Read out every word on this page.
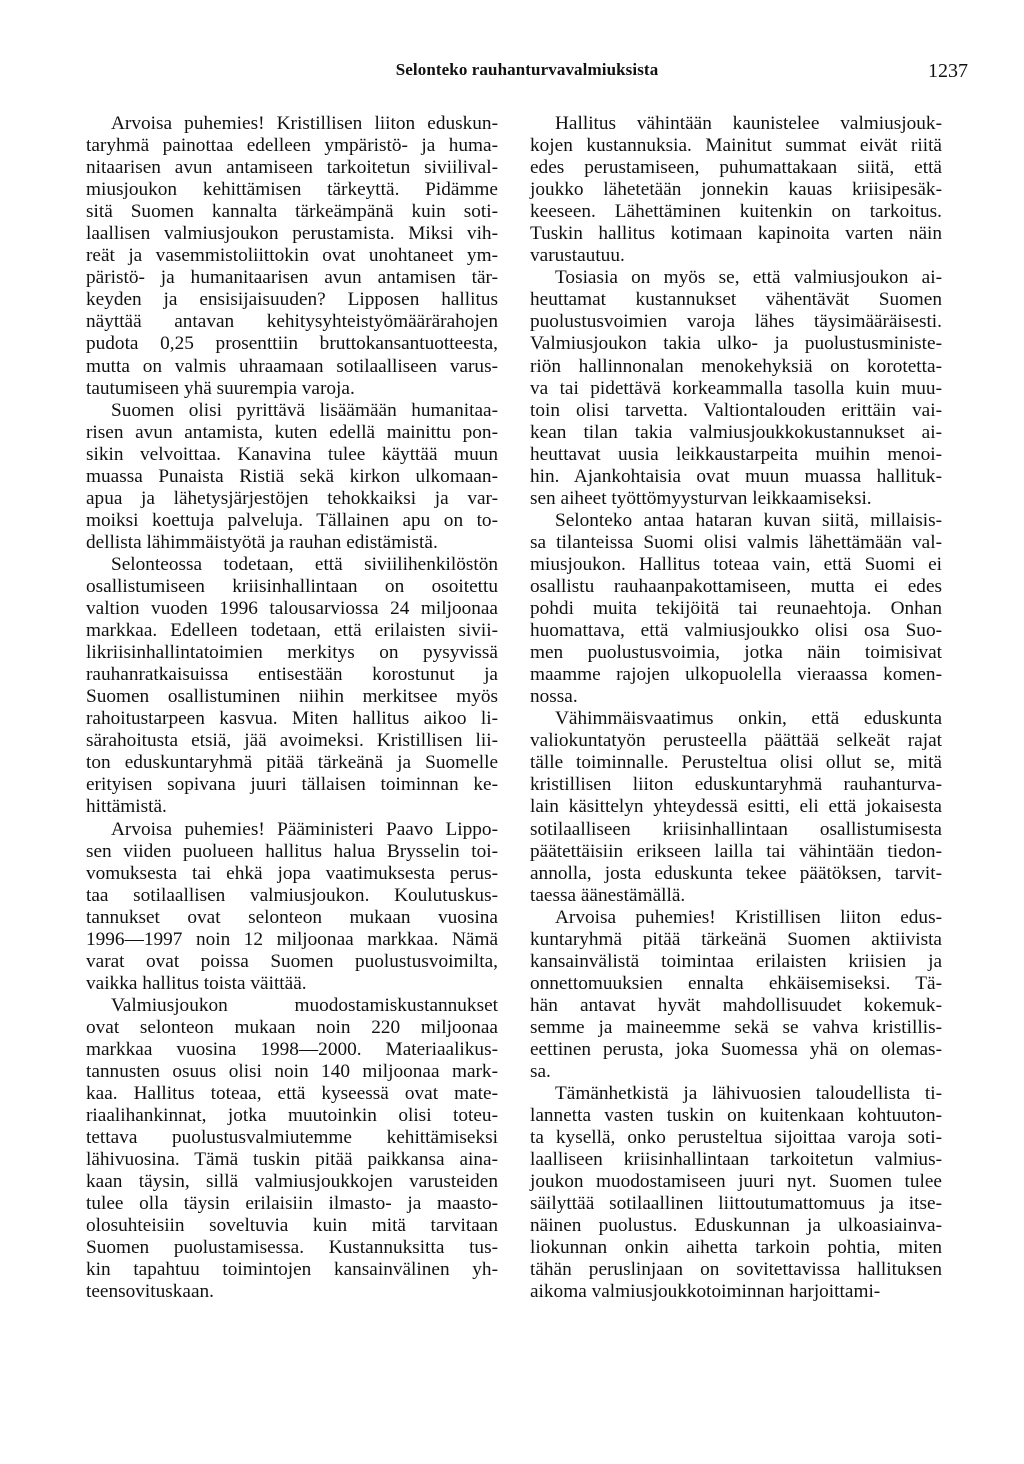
Selonteko rauhanturvavalmiuksista	1237

Arvoisa puhemies! Kristillisen liiton eduskun-
taryhmä painottaa edelleen ympäristö- ja huma-
nitaarisen avun antamiseen tarkoitetun siviilival-
miusjoukon kehittämisen tärkeyttä. Pidämme
sitä Suomen kannalta tärkeämpänä kuin soti-
laallisen valmiusjoukon perustamista. Miksi vih-
reät ja vasemmistoliittokin ovat unohtaneet ym-
päristö- ja humanitaarisen avun antamisen tär-
keyden ja ensisijaisuuden? Lipposen hallitus
näyttää antavan kehitysyhteistyömäärärahojen
pudota 0,25 prosenttiin bruttokansantuotteesta,
mutta on valmis uhraamaan sotilaalliseen varus-
tautumiseen yhä suurempia varoja.

Suomen olisi pyrittävä lisäämään humanitaa-
risen avun antamista, kuten edellä mainittu pon-
sikin velvoittaa. Kanavina tulee käyttää muun
muassa Punaista Ristiä sekä kirkon ulkomaan-
apua ja lähetysjärjestöjen tehokkaiksi ja var-
moiksi koettuja palveluja. Tällainen apu on to-
dellista lähimmäistyötä ja rauhan edistämistä.

Selonteossa todetaan, että siviilihenkilöstön
osallistumiseen kriisinhallintaan on osoitettu
valtion vuoden 1996 talousarviossa 24 miljoonaa
markkaa. Edelleen todetaan, että erilaisten sivii-
likriisinhallintatoimien merkitys on pysyvissä
rauhanratkaisuissa entisestään korostunut ja
Suomen osallistuminen niihin merkitsee myös
rahoitustarpeen kasvua. Miten hallitus aikoo li-
särahoitusta etsiä, jää avoimeksi. Kristillisen lii-
ton eduskuntaryhmä pitää tärkeänä ja Suomelle
erityisen sopivana juuri tällaisen toiminnan ke-
hittämistä.

Arvoisa puhemies! Pääministeri Paavo Lippo-
sen viiden puolueen hallitus halua Brysselin toi-
vomuksesta tai ehkä jopa vaatimuksesta perus-
taa sotilaallisen valmiusjoukon. Koulutuskus-
tannukset ovat selonteon mukaan vuosina
1996—1997 noin 12 miljoonaa markkaa. Nämä
varat ovat poissa Suomen puolustusvoimilta,
vaikka hallitus toista väittää.

Valmiusjoukon muodostamiskustannukset
ovat selonteon mukaan noin 220 miljoonaa
markkaa vuosina 1998—2000. Materiaalikus-
tannusten osuus olisi noin 140 miljoonaa mark-
kaa. Hallitus toteaa, että kyseessä ovat mate-
riaalihankinnat, jotka muutoinkin olisi toteu-
tettava puolustusvalmiutemme kehittämiseksi
lähivuosina. Tämä tuskin pitää paikkansa aina-
kaan täysin, sillä valmiusjoukkojen varusteiden
tulee olla täysin erilaisiin ilmasto- ja maasto-
olosuhteisiin soveltuvia kuin mitä tarvitaan
Suomen puolustamisessa. Kustannuksitta tus-
kin tapahtuu toimintojen kansainvälinen yh-
teensovituskaan.

Hallitus vähintään kaunistelee valmiusjouk-
kojen kustannuksia. Mainitut summat eivät riitä
edes perustamiseen, puhumattakaan siitä, että
joukko lähetetään jonnekin kauas kriisipesäk-
keeseen. Lähettäminen kuitenkin on tarkoitus.
Tuskin hallitus kotimaan kapinoita varten näin
varustautuu.

Tosiasia on myös se, että valmiusjoukon ai-
heuttamat kustannukset vähentävät Suomen
puolustusvoimien varoja lähes täysimääräisesti.
Valmiusjoukon takia ulko- ja puolustusministe-
riön hallinnonalan menokehyksiä on korotetta-
va tai pidettävä korkeammalla tasolla kuin muu-
toin olisi tarvetta. Valtiontalouden erittäin vai-
kean tilan takia valmiusjoukkokustannukset ai-
heuttavat uusia leikkaustarpeita muihin menoi-
hin. Ajankohtaisia ovat muun muassa hallituk-
sen aiheet työttömyysturvan leikkaamiseksi.

Selonteko antaa hataran kuvan siitä, millaisis-
sa tilanteissa Suomi olisi valmis lähettämään val-
miusjoukon. Hallitus toteaa vain, että Suomi ei
osallistu rauhaanpakottamiseen, mutta ei edes
pohdi muita tekijöitä tai reunaehtoja. Onhan
huomattava, että valmiusjoukko olisi osa Suo-
men puolustusvoimia, jotka näin toimisivat
maamme rajojen ulkopuolella vieraassa komen-
nossa.

Vähimmäisvaatimus onkin, että eduskunta
valiokuntatyön perusteella päättää selkeät rajat
tälle toiminnalle. Perusteltua olisi ollut se, mitä
kristillisen liiton eduskuntaryhmä rauhanturva-
lain käsittelyn yhteydessä esitti, eli että jokaisesta
sotilaalliseen kriisinhallintaan osallistumisesta
päätettäisiin erikseen lailla tai vähintään tiedon-
annolla, josta eduskunta tekee päätöksen, tarvit-
taessa äänestämällä.

Arvoisa puhemies! Kristillisen liiton edus-
kuntaryhmä pitää tärkeänä Suomen aktiivista
kansainvälistä toimintaa erilaisten kriisien ja
onnettomuuksien ennalta ehkäisemiseksi. Tä-
hän antavat hyvät mahdollisuudet kokemuk-
semme ja maineemme sekä se vahva kristillis-
eettinen perusta, joka Suomessa yhä on olemas-
sa.

Tämänhetkistä ja lähivuosien taloudellista ti-
lannetta vasten tuskin on kuitenkaan kohtuuton-
ta kysellä, onko perusteltua sijoittaa varoja soti-
laalliseen kriisinhallintaan tarkoitetun valmius-
joukon muodostamiseen juuri nyt. Suomen tulee
säilyttää sotilaallinen liittoutumattomuus ja itse-
näinen puolustus. Eduskunnan ja ulkoasiainva-
liokunnan onkin aihetta tarkoin pohtia, miten
tähän peruslinjaan on sovitettavissa hallituksen
aikoma valmiusjoukkotoiminnan harjoittami-
